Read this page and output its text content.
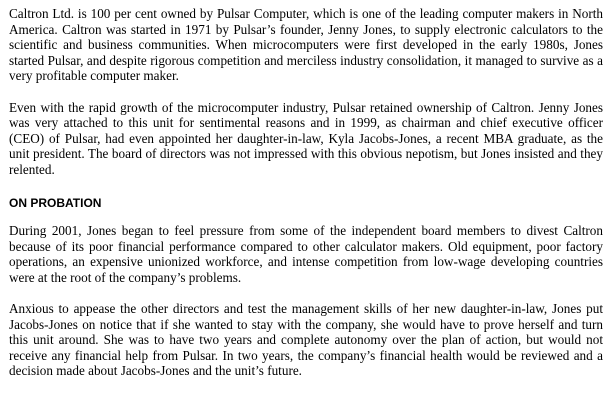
Caltron Ltd. is 100 per cent owned by Pulsar Computer, which is one of the leading computer makers in North America. Caltron was started in 1971 by Pulsar’s founder, Jenny Jones, to supply electronic calculators to the scientific and business communities. When microcomputers were first developed in the early 1980s, Jones started Pulsar, and despite rigorous competition and merciless industry consolidation, it managed to survive as a very profitable computer maker.

Even with the rapid growth of the microcomputer industry, Pulsar retained ownership of Caltron. Jenny Jones was very attached to this unit for sentimental reasons and in 1999, as chairman and chief executive officer (CEO) of Pulsar, had even appointed her daughter-in-law, Kyla Jacobs-Jones, a recent MBA graduate, as the unit president. The board of directors was not impressed with this obvious nepotism, but Jones insisted and they relented.

ON PROBATION

During 2001, Jones began to feel pressure from some of the independent board members to divest Caltron because of its poor financial performance compared to other calculator makers. Old equipment, poor factory operations, an expensive unionized workforce, and intense competition from low-wage developing countries were at the root of the company’s problems.

Anxious to appease the other directors and test the management skills of her new daughter-in-law, Jones put Jacobs-Jones on notice that if she wanted to stay with the company, she would have to prove herself and turn this unit around. She was to have two years and complete autonomy over the plan of action, but would not receive any financial help from Pulsar. In two years, the company’s financial health would be reviewed and a decision made about Jacobs-Jones and the unit’s future.
